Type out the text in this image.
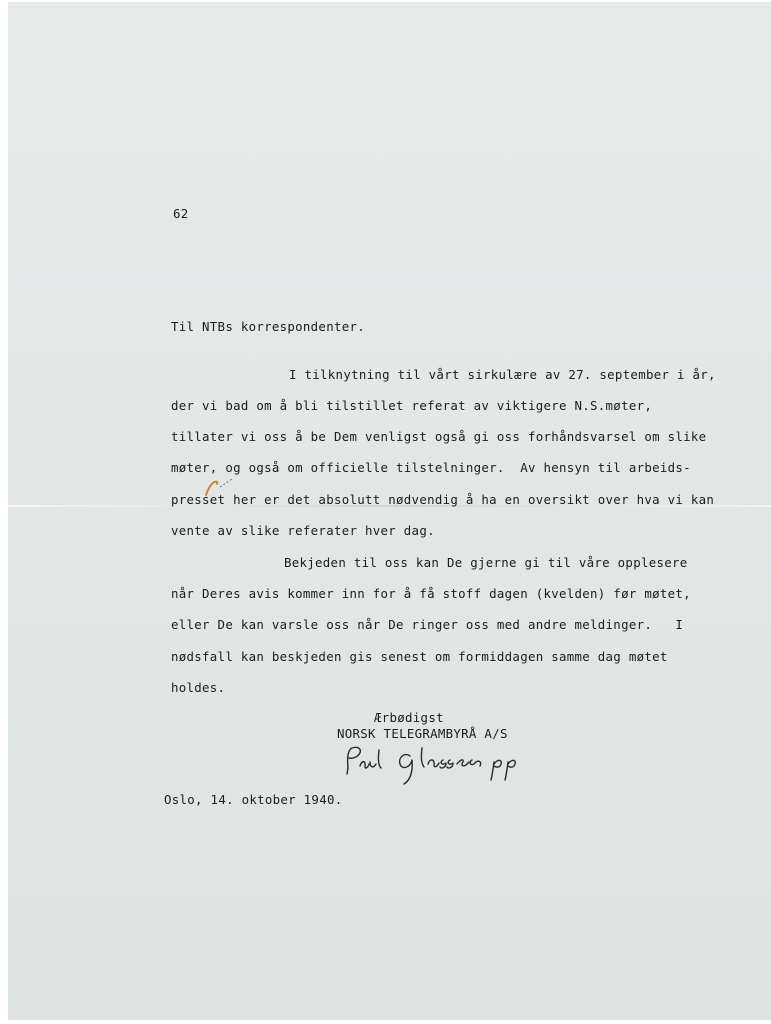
62
Til NTBs korrespondenter.
I tilknytning til vårt sirkulære av 27. september i år,
der vi bad om å bli tilstillet referat av viktigere N.S.møter,
tillater vi oss å be Dem venligst også gi oss forhåndsvarsel om slike
møter, og også om officielle tilstelninger.  Av hensyn til arbeids-
presset her er det absolutt nødvendig å ha en oversikt over hva vi kan
vente av slike referater hver dag.
Bekjeden til oss kan De gjerne gi til våre opplesere
når Deres avis kommer inn for å få stoff dagen (kvelden) før møtet,
eller De kan varsle oss når De ringer oss med andre meldinger.   I
nødsfall kan beskjeden gis senest om formiddagen samme dag møtet
holdes.
Ærbødigst
NORSK TELEGRAMBYRÅ A/S
Oslo, 14. oktober 1940.
